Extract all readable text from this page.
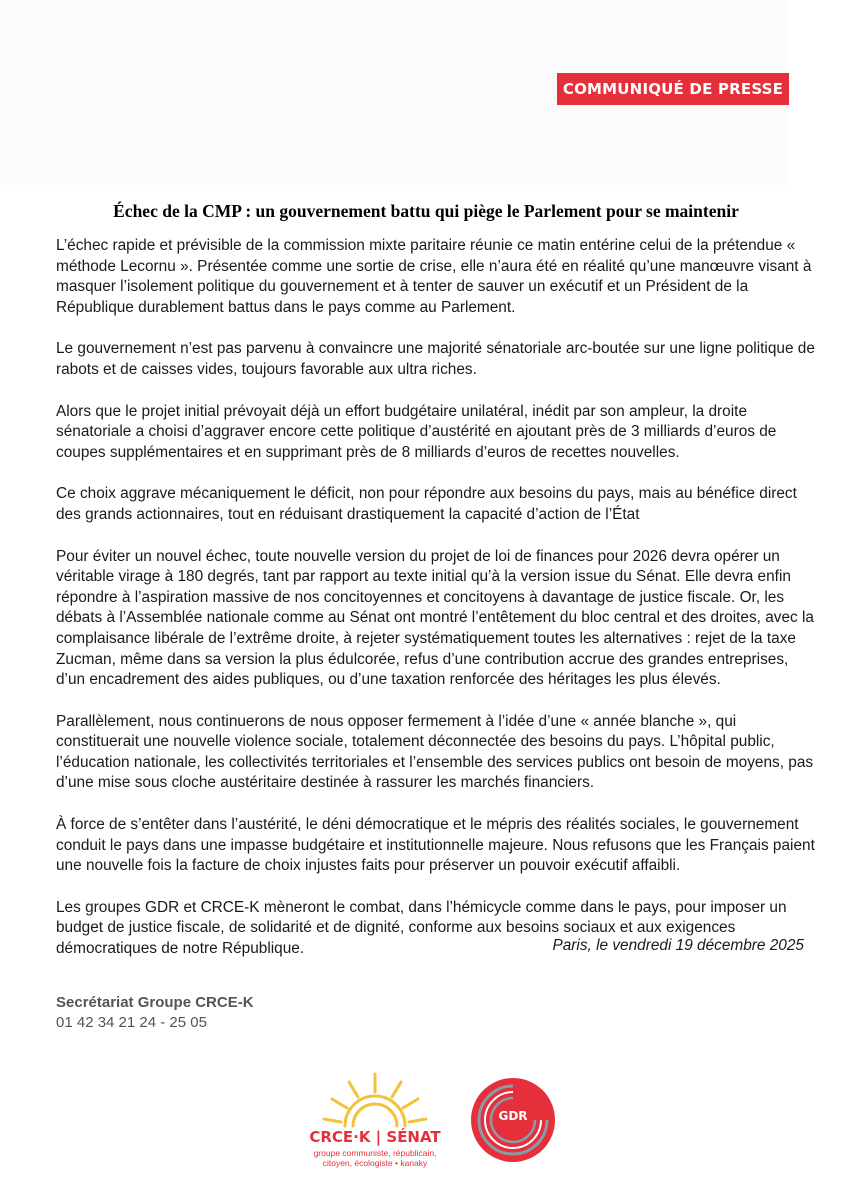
COMMUNIQUÉ DE PRESSE
Échec de la CMP : un gouvernement battu qui piège le Parlement pour se maintenir

L’échec rapide et prévisible de la commission mixte paritaire réunie ce matin entérine celui de la prétendue « méthode Lecornu ». Présentée comme une sortie de crise, elle n’aura été en réalité qu’une manœuvre visant à masquer l’isolement politique du gouvernement et à tenter de sauver un exécutif et un Président de la République durablement battus dans le pays comme au Parlement.

Le gouvernement n’est pas parvenu à convaincre une majorité sénatoriale arc-boutée sur une ligne politique de rabots et de caisses vides, toujours favorable aux ultra riches.

Alors que le projet initial prévoyait déjà un effort budgétaire unilatéral, inédit par son ampleur, la droite sénatoriale a choisi d’aggraver encore cette politique d’austérité en ajoutant près de 3 milliards d’euros de coupes supplémentaires et en supprimant près de 8 milliards d’euros de recettes nouvelles.

Ce choix aggrave mécaniquement le déficit, non pour répondre aux besoins du pays, mais au bénéfice direct des grands actionnaires, tout en réduisant drastiquement la capacité d’action de l’État

Pour éviter un nouvel échec, toute nouvelle version du projet de loi de finances pour 2026 devra opérer un véritable virage à 180 degrés, tant par rapport au texte initial qu’à la version issue du Sénat. Elle devra enfin répondre à l’aspiration massive de nos concitoyennes et concitoyens à davantage de justice fiscale. Or, les débats à l’Assemblée nationale comme au Sénat ont montré l’entêtement du bloc central et des droites, avec la complaisance libérale de l’extrême droite, à rejeter systématiquement toutes les alternatives : rejet de la taxe Zucman, même dans sa version la plus édulcorée, refus d’une contribution accrue des grandes entreprises, d’un encadrement des aides publiques, ou d’une taxation renforcée des héritages les plus élevés.

Parallèlement, nous continuerons de nous opposer fermement à l’idée d’une « année blanche », qui constituerait une nouvelle violence sociale, totalement déconnectée des besoins du pays. L’hôpital public, l’éducation nationale, les collectivités territoriales et l’ensemble des services publics ont besoin de moyens, pas d’une mise sous cloche austéritaire destinée à rassurer les marchés financiers.

À force de s’entêter dans l’austérité, le déni démocratique et le mépris des réalités sociales, le gouvernement conduit le pays dans une impasse budgétaire et institutionnelle majeure. Nous refusons que les Français paient une nouvelle fois la facture de choix injustes faits pour préserver un pouvoir exécutif affaibli.

Les groupes GDR et CRCE-K mèneront le combat, dans l’hémicycle comme dans le pays, pour imposer un budget de justice fiscale, de solidarité et de dignité, conforme aux besoins sociaux et aux exigences démocratiques de notre République.	Paris, le vendredi 19 décembre 2025
Secrétariat Groupe CRCE-K
01 42 34 21 24 - 25 05
CRCE·K | SÉNAT
groupe communiste, républicain,
citoyen, écologiste • kanaky
GDR
